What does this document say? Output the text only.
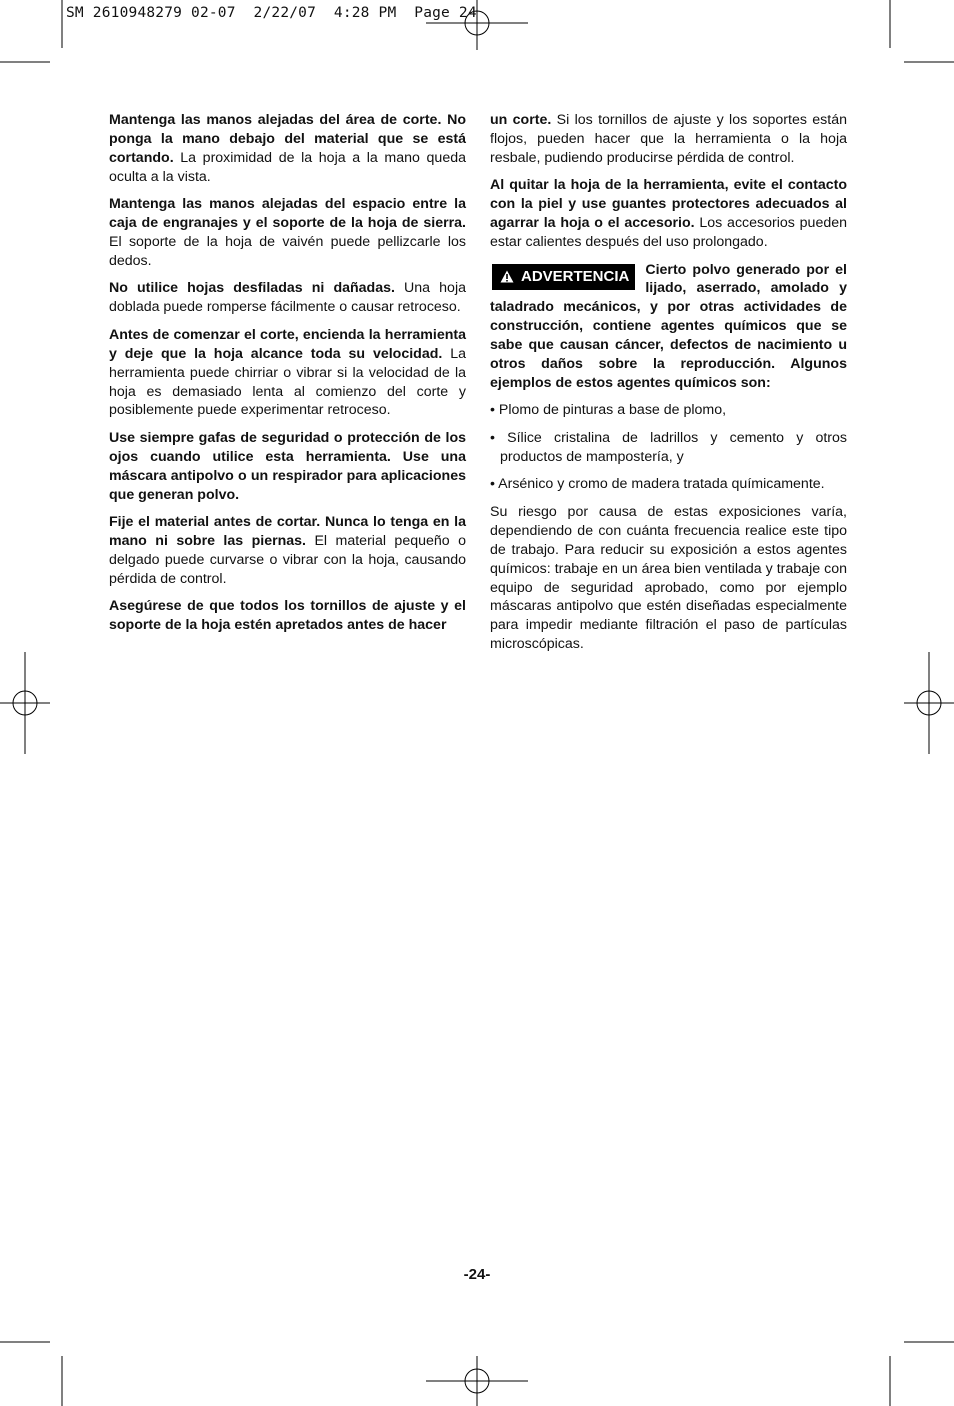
SM 2610948279 02-07  2/22/07  4:28 PM  Page 24

Mantenga las manos alejadas del área de corte. No ponga la mano debajo del material que se está cortando. La proximidad de la hoja a la mano queda oculta a la vista.

Mantenga las manos alejadas del espacio entre la caja de engranajes y el soporte de la hoja de sierra. El soporte de la hoja de vaivén puede pellizcarle los dedos.

No utilice hojas desfiladas ni dañadas. Una hoja doblada puede romperse fácilmente o causar retroceso.

Antes de comenzar el corte, encienda la herramienta y deje que la hoja alcance toda su velocidad. La herramienta puede chirriar o vibrar si la velocidad de la hoja es demasiado lenta al comienzo del corte y posiblemente puede experimentar retroceso.

Use siempre gafas de seguridad o protección de los ojos cuando utilice esta herramienta. Use una máscara antipolvo o un respirador para aplicaciones que generan polvo.

Fije el material antes de cortar. Nunca lo tenga en la mano ni sobre las piernas. El material pequeño o delgado puede curvarse o vibrar con la hoja, causando pérdida de control.

Asegúrese de que todos los tornillos de ajuste y el soporte de la hoja estén apretados antes de hacer

un corte. Si los tornillos de ajuste y los soportes están flojos, pueden hacer que la herramienta o la hoja resbale, pudiendo producirse pérdida de control.

Al quitar la hoja de la herramienta, evite el contacto con la piel y use guantes protectores adecuados al agarrar la hoja o el accesorio. Los accesorios pueden estar calientes después del uso prolongado.

ADVERTENCIA Cierto polvo generado por el lijado, aserrado, amolado y taladrado mecánicos, y por otras actividades de construcción, contiene agentes químicos que se sabe que causan cáncer, defectos de nacimiento u otros daños sobre la reproducción. Algunos ejemplos de estos agentes químicos son:

• Plomo de pinturas a base de plomo,

• Sílice cristalina de ladrillos y cemento y otros productos de mampostería, y

• Arsénico y cromo de madera tratada químicamente.

Su riesgo por causa de estas exposiciones varía, dependiendo de con cuánta frecuencia realice este tipo de trabajo. Para reducir su exposición a estos agentes químicos: trabaje en un área bien ventilada y trabaje con equipo de seguridad aprobado, como por ejemplo máscaras antipolvo que estén diseñadas especialmente para impedir mediante filtración el paso de partículas microscópicas.

-24-
